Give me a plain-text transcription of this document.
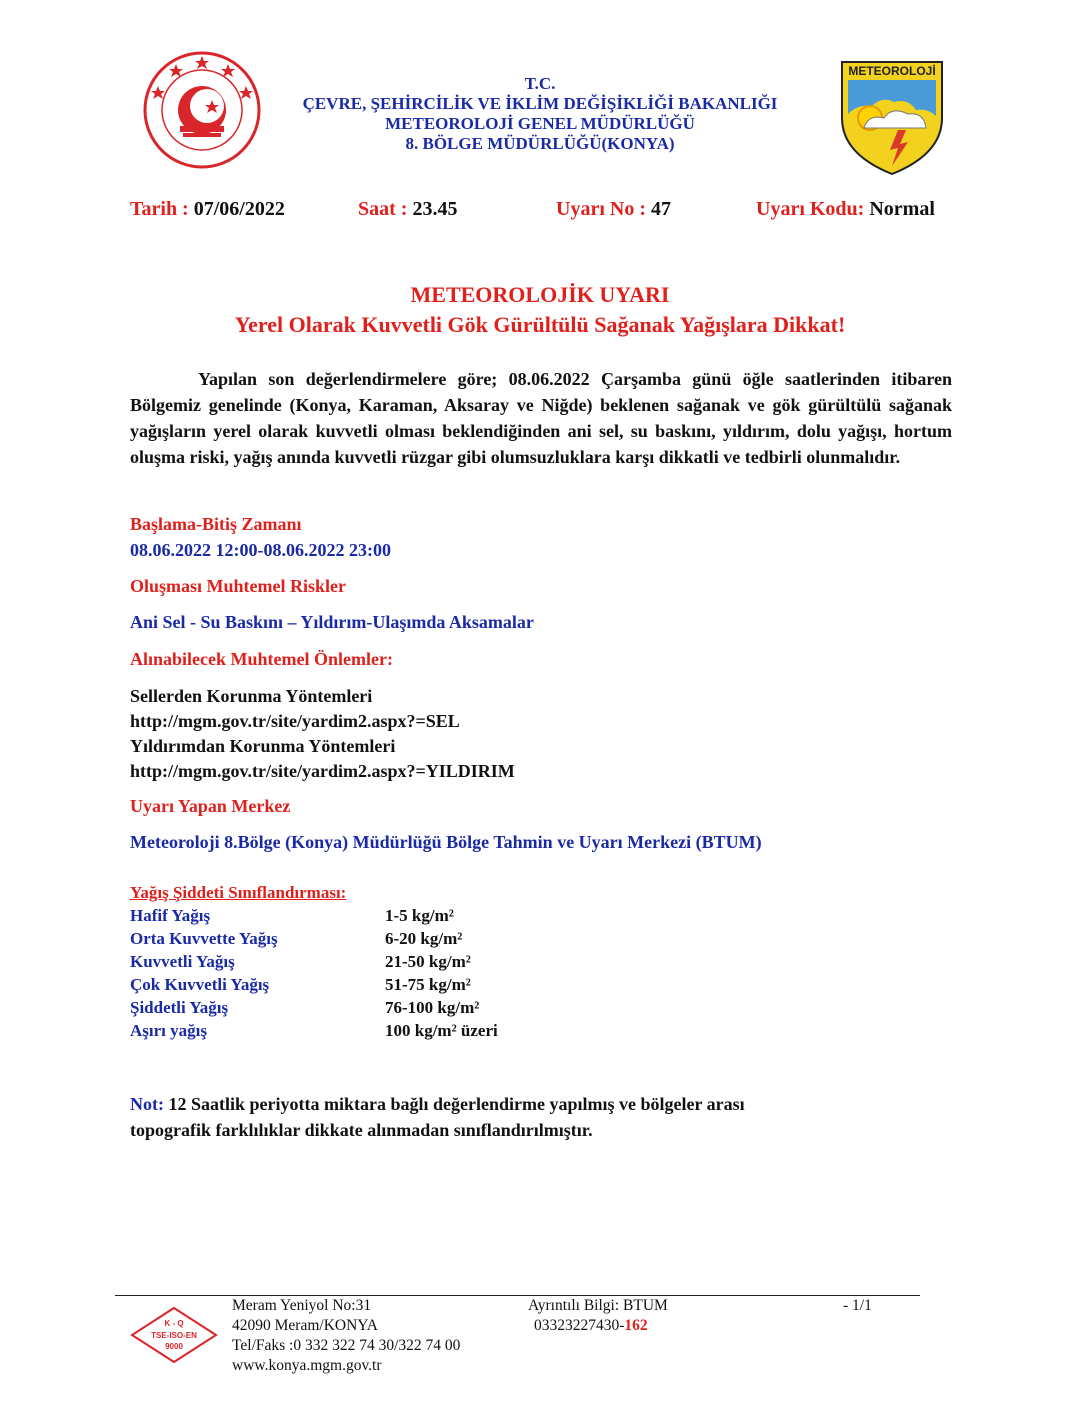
METEOROLOJİ
T.C.
ÇEVRE, ŞEHİRCİLİK VE İKLİM DEĞİŞİKLİĞİ BAKANLIĞI
METEOROLOJİ GENEL MÜDÜRLÜĞÜ
8. BÖLGE MÜDÜRLÜĞÜ(KONYA)
Tarih : 07/06/2022	Saat : 23.45	Uyarı No : 47	Uyarı Kodu: Normal
METEOROLOJİK UYARI
Yerel Olarak Kuvvetli Gök Gürültülü Sağanak Yağışlara Dikkat!
Yapılan son değerlendirmelere göre; 08.06.2022 Çarşamba günü öğle saatlerinden itibaren Bölgemiz genelinde (Konya, Karaman, Aksaray ve Niğde) beklenen sağanak ve gök gürültülü sağanak yağışların yerel olarak kuvvetli olması beklendiğinden ani sel, su baskını, yıldırım, dolu yağışı, hortum oluşma riski, yağış anında kuvvetli rüzgar gibi olumsuzluklara karşı dikkatli ve tedbirli olunmalıdır.
Başlama-Bitiş Zamanı
08.06.2022 12:00-08.06.2022 23:00
Oluşması Muhtemel Riskler
Ani Sel - Su Baskını – Yıldırım-Ulaşımda Aksamalar
Alınabilecek Muhtemel Önlemler:
Sellerden Korunma Yöntemleri
http://mgm.gov.tr/site/yardim2.aspx?=SEL
Yıldırımdan Korunma Yöntemleri
http://mgm.gov.tr/site/yardim2.aspx?=YILDIRIM
Uyarı Yapan Merkez
Meteoroloji 8.Bölge (Konya) Müdürlüğü Bölge Tahmin ve Uyarı Merkezi (BTUM)
Yağış Şiddeti Sınıflandırması:
Hafif Yağış	1-5 kg/m²
Orta Kuvvette Yağış	6-20 kg/m²
Kuvvetli Yağış	21-50 kg/m²
Çok Kuvvetli Yağış	51-75 kg/m²
Şiddetli Yağış	76-100 kg/m²
Aşırı yağış	100 kg/m² üzeri
Not: 12 Saatlik periyotta miktara bağlı değerlendirme yapılmış ve bölgeler arası
topografik farklılıklar dikkate alınmadan sınıflandırılmıştır.
K - Q
TSE-ISO-EN
9000
Meram Yeniyol No:31
42090 Meram/KONYA
Tel/Faks :0 332 322 74 30/322 74 00
www.konya.mgm.gov.tr
Ayrıntılı Bilgi: BTUM
03323227430-162
- 1/1
